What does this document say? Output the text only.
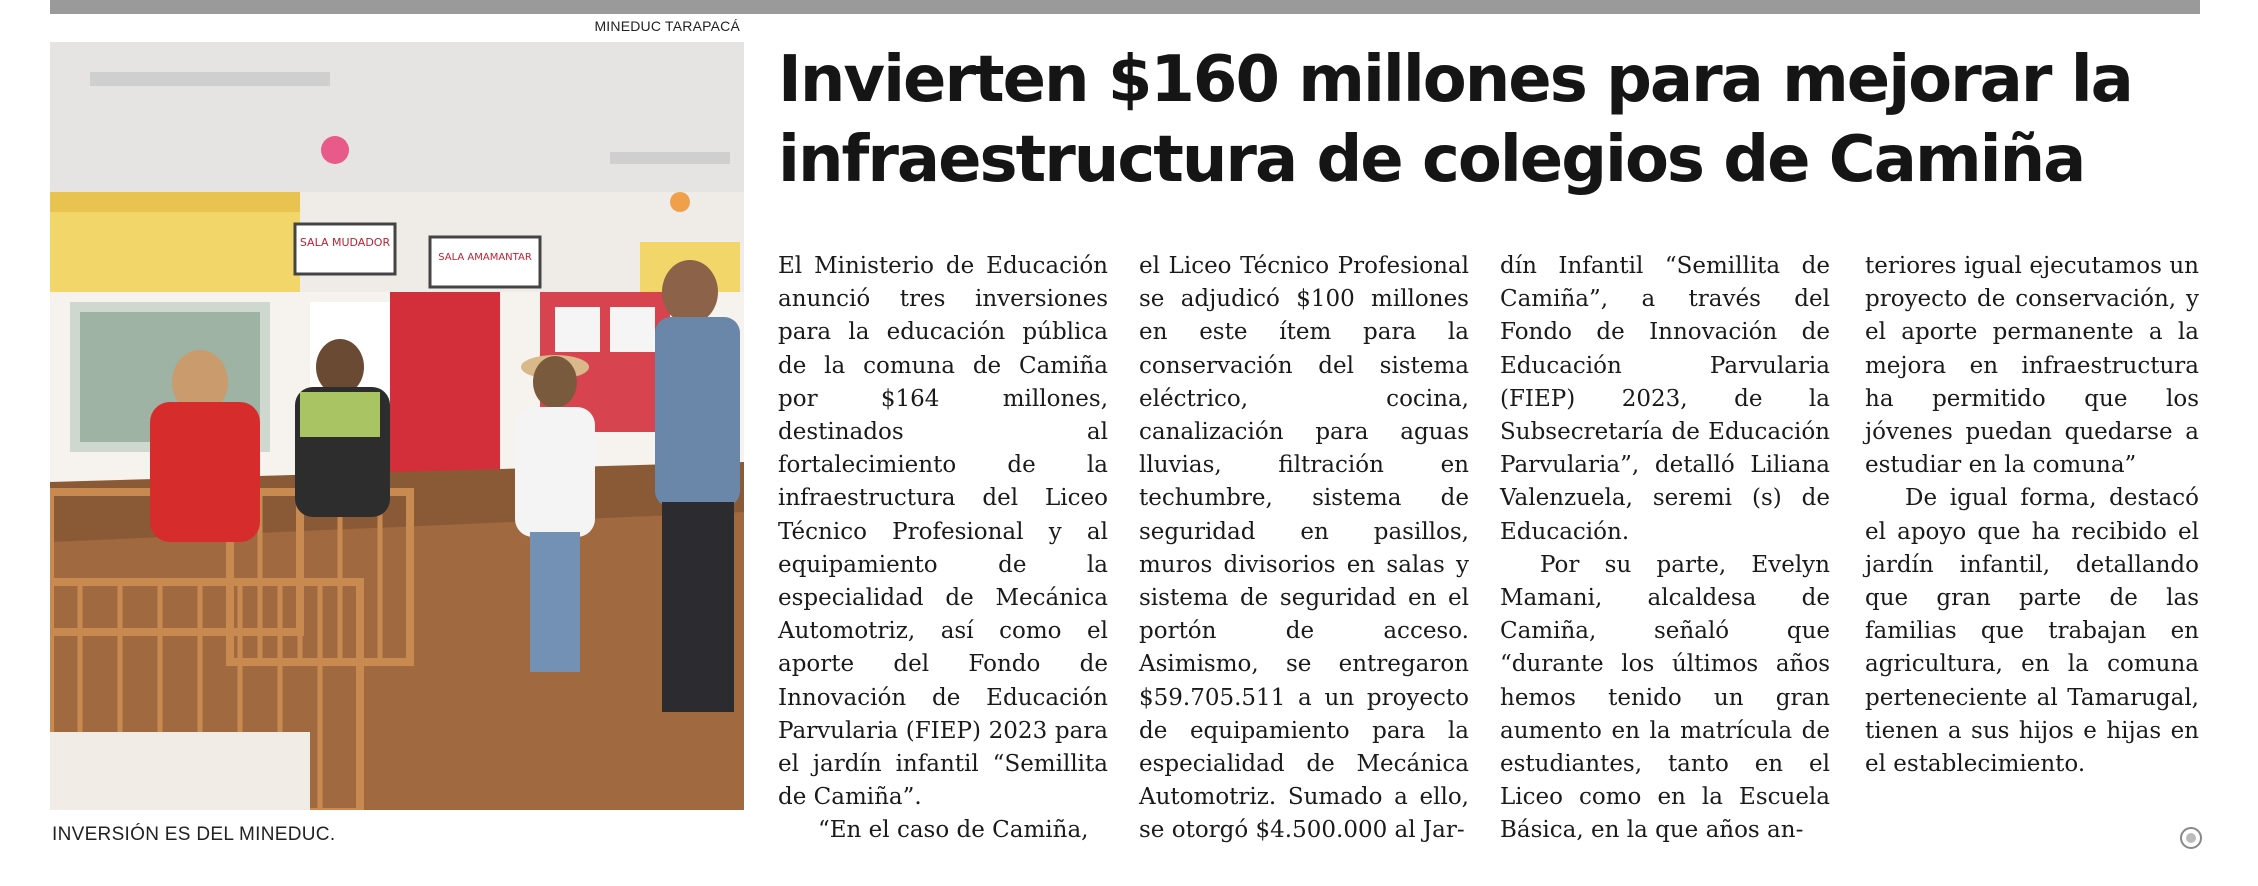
MINEDUC TARAPACÁ
SALA MUDADOR
SALA AMAMANTAR
INVERSIÓN ES DEL MINEDUC.
Invierten $160 millones para mejorar la infraestructura de colegios de Camiña

El Ministerio de Educación anunció tres inversiones para la educación pública de la comuna de Camiña por $164 millones, destinados al fortalecimiento de la infraestructura del Liceo Técnico Profesional y al equipamiento de la especialidad de Mecánica Automotriz, así como el aporte del Fondo de Innovación de Educación Parvularia (FIEP) 2023 para el jardín infantil “Semillita de Camiña”.

“En el caso de Camiña,

el Liceo Técnico Profesional se adjudicó $100 millones en este ítem para la conservación del sistema eléctrico, cocina, canalización para aguas lluvias, filtración en techumbre, sistema de seguridad en pasillos, muros divisorios en salas y sistema de seguridad en el portón de acceso. Asimismo, se entregaron $59.705.511 a un proyecto de equipamiento para la especialidad de Mecánica Automotriz. Sumado a ello, se otorgó $4.500.000 al Jar-

dín Infantil “Semillita de Camiña”, a través del Fondo de Innovación de Educación Parvularia (FIEP) 2023, de la Subsecretaría de Educación Parvularia”, detalló Liliana Valenzuela, seremi (s) de Educación.

Por su parte, Evelyn Mamani, alcaldesa de Camiña, señaló que “durante los últimos años hemos tenido un gran aumento en la matrícula de estudiantes, tanto en el Liceo como en la Escuela Básica, en la que años an-

teriores igual ejecutamos un proyecto de conservación, y el aporte permanente a la mejora en infraestructura ha permitido que los jóvenes puedan quedarse a estudiar en la comuna”

De igual forma, destacó el apoyo que ha recibido el jardín infantil, detallando que gran parte de las familias que trabajan en agricultura, en la comuna perteneciente al Tamarugal, tienen a sus hijos e hijas en el establecimiento.
